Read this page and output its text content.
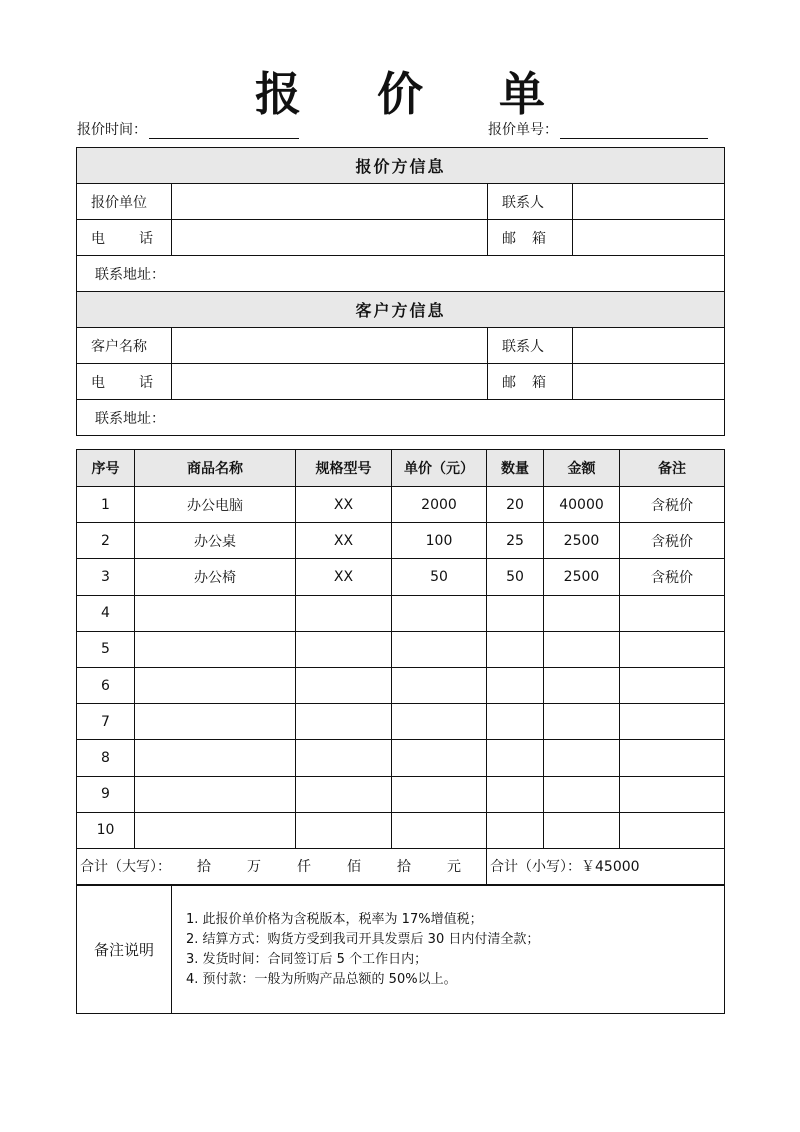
报 价 单
报价时间：	报价单号：
报价方信息			
报价单位		联系人	
电 话		邮 箱	
联系地址：			
客户方信息			
客户名称		联系人	
电 话		邮 箱	
联系地址：			
序号	商品名称	规格型号	单价（元）	数量	金额	备注
1	办公电脑	XX	2000	20	40000	含税价
2	办公桌	XX	100	25	2500	含税价
3	办公椅	XX	50	50	2500	含税价
4						
5						
6						
7						
8						
9						
10						
合计（大写）： 拾 万 仟 佰 拾 元				合计（小写）：￥45000		
备注说明	
1. 此报价单价格为含税版本，税率为 17%增值税；
2. 结算方式：购货方受到我司开具发票后 30 日内付清全款；
3. 发货时间：合同签订后 5 个工作日内；
4. 预付款：一般为所购产品总额的 50%以上。
